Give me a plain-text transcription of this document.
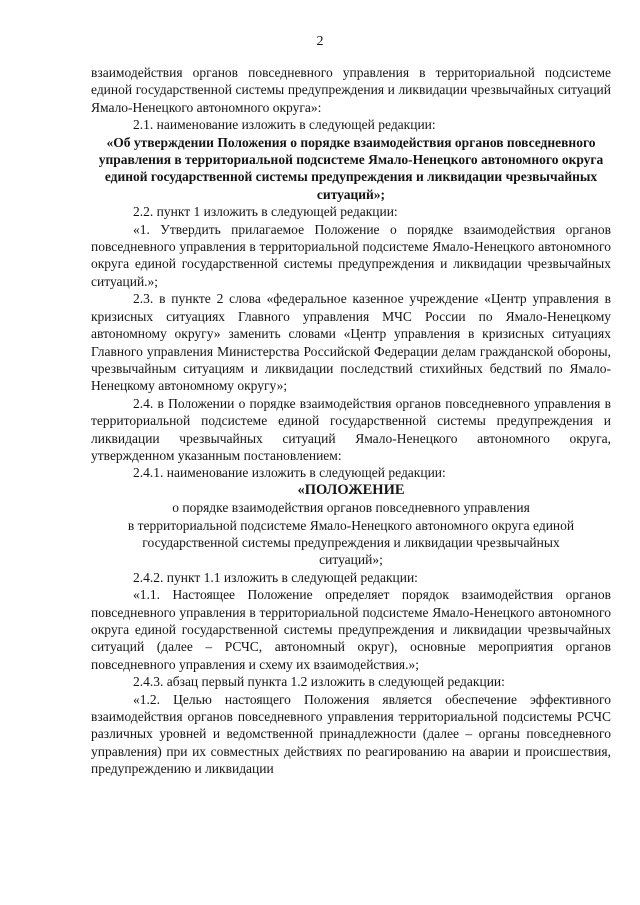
2

взаимодействия органов повседневного управления в территориальной подсистеме единой государственной системы предупреждения и ликвидации чрезвычайных ситуаций Ямало-Ненецкого автономного округа»:

2.1. наименование изложить в следующей редакции:

«Об утверждении Положения о порядке взаимодействия органов повседневного управления в территориальной подсистеме Ямало-Ненецкого автономного округа единой государственной системы предупреждения и ликвидации чрезвычайных ситуаций»;

2.2. пункт 1 изложить в следующей редакции:

«1. Утвердить прилагаемое Положение о порядке взаимодействия органов повседневного управления в территориальной подсистеме Ямало-Ненецкого автономного округа единой государственной системы предупреждения и ликвидации чрезвычайных ситуаций.»;

2.3. в пункте 2 слова «федеральное казенное учреждение «Центр управления в кризисных ситуациях Главного управления МЧС России по Ямало-Ненецкому автономному округу» заменить словами «Центр управления в кризисных ситуациях Главного управления Министерства Российской Федерации делам гражданской обороны, чрезвычайным ситуациям и ликвидации последствий стихийных бедствий по Ямало-Ненецкому автономному округу»;

2.4. в Положении о порядке взаимодействия органов повседневного управления в территориальной подсистеме единой государственной системы предупреждения и ликвидации чрезвычайных ситуаций Ямало-Ненецкого автономного округа, утвержденном указанным постановлением:

2.4.1. наименование изложить в следующей редакции:

«ПОЛОЖЕНИЕ

о порядке взаимодействия органов повседневного управления

в территориальной подсистеме Ямало-Ненецкого автономного округа единой

государственной системы предупреждения и ликвидации чрезвычайных

ситуаций»;

2.4.2. пункт 1.1 изложить в следующей редакции:

«1.1. Настоящее Положение определяет порядок взаимодействия органов повседневного управления в территориальной подсистеме Ямало-Ненецкого автономного округа единой государственной системы предупреждения и ликвидации чрезвычайных ситуаций (далее – РСЧС, автономный округ), основные мероприятия органов повседневного управления и схему их взаимодействия.»;

2.4.3. абзац первый пункта 1.2 изложить в следующей редакции:

«1.2. Целью настоящего Положения является обеспечение эффективного взаимодействия органов повседневного управления территориальной подсистемы РСЧС различных уровней и ведомственной принадлежности (далее – органы повседневного управления) при их совместных действиях по реагированию на аварии и происшествия, предупреждению и ликвидации
